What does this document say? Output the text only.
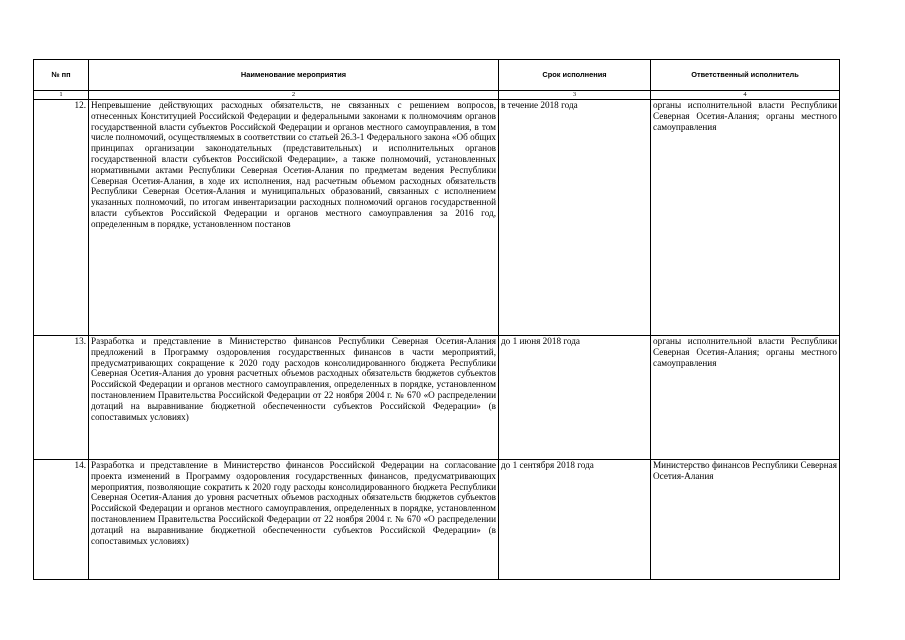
№ пп	Наименование мероприятия	Срок исполнения	Ответственный исполнитель
1	2	3	4
12.	Непревышение действующих расходных обязательств, не связанных с решением вопросов, отнесенных Конституцией Российской Федерации и федеральными законами к полномочиям органов государственной власти субъектов Российской Федерации и органов местного самоуправления, в том числе полномочий, осуществляемых в соответствии со статьей 26.3-1 Федерального закона «Об общих принципах организации законодательных (представительных) и исполнительных органов государственной власти субъектов Российской Федерации», а также полномочий, установленных нормативными актами Республики Северная Осетия-Алания по предметам ведения Республики Северная Осетия-Алания, в ходе их исполнения, над расчетным объемом расходных обязательств Республики Северная Осетия-Алания и муниципальных образований, связанных с исполнением указанных полномочий, по итогам инвентаризации расходных полномочий органов государственной власти субъектов Российской Федерации и органов местного самоуправления за 2016 год, определенным в порядке, установленном постанов	в течение 2018 года	органы исполнительной власти Республики Северная Осетия-Алания; органы местного самоуправления
13.	Разработка и представление в Министерство финансов Республики Северная Осетия-Алания предложений в Программу оздоровления государственных финансов в части мероприятий, предусматривающих сокращение к 2020 году расходов консолидированного бюджета Республики Северная Осетия-Алания до уровня расчетных объемов расходных обязательств бюджетов субъектов Российской Федерации и органов местного самоуправления, определенных в порядке, установленном постановлением Правительства Российской Федерации от 22 ноября 2004 г. № 670 «О распределении дотаций на выравнивание бюджетной обеспеченности субъектов Российской Федерации» (в сопоставимых условиях)	до 1 июня 2018 года	органы исполнительной власти Республики Северная Осетия-Алания; органы местного самоуправления
14.	Разработка и представление в Министерство финансов Российской Федерации на согласование проекта изменений в Программу оздоровления государственных финансов, предусматривающих мероприятия, позволяющие сократить к 2020 году расходы консолидированного бюджета Республики Северная Осетия-Алания до уровня расчетных объемов расходных обязательств бюджетов субъектов Российской Федерации и органов местного самоуправления, определенных в порядке, установленном постановлением Правительства Российской Федерации от 22 ноября 2004 г. № 670 «О распределении дотаций на выравнивание бюджетной обеспеченности субъектов Российской Федерации» (в сопоставимых условиях)	до 1 сентября 2018 года	Министерство финансов Республики Северная Осетия-Алания
